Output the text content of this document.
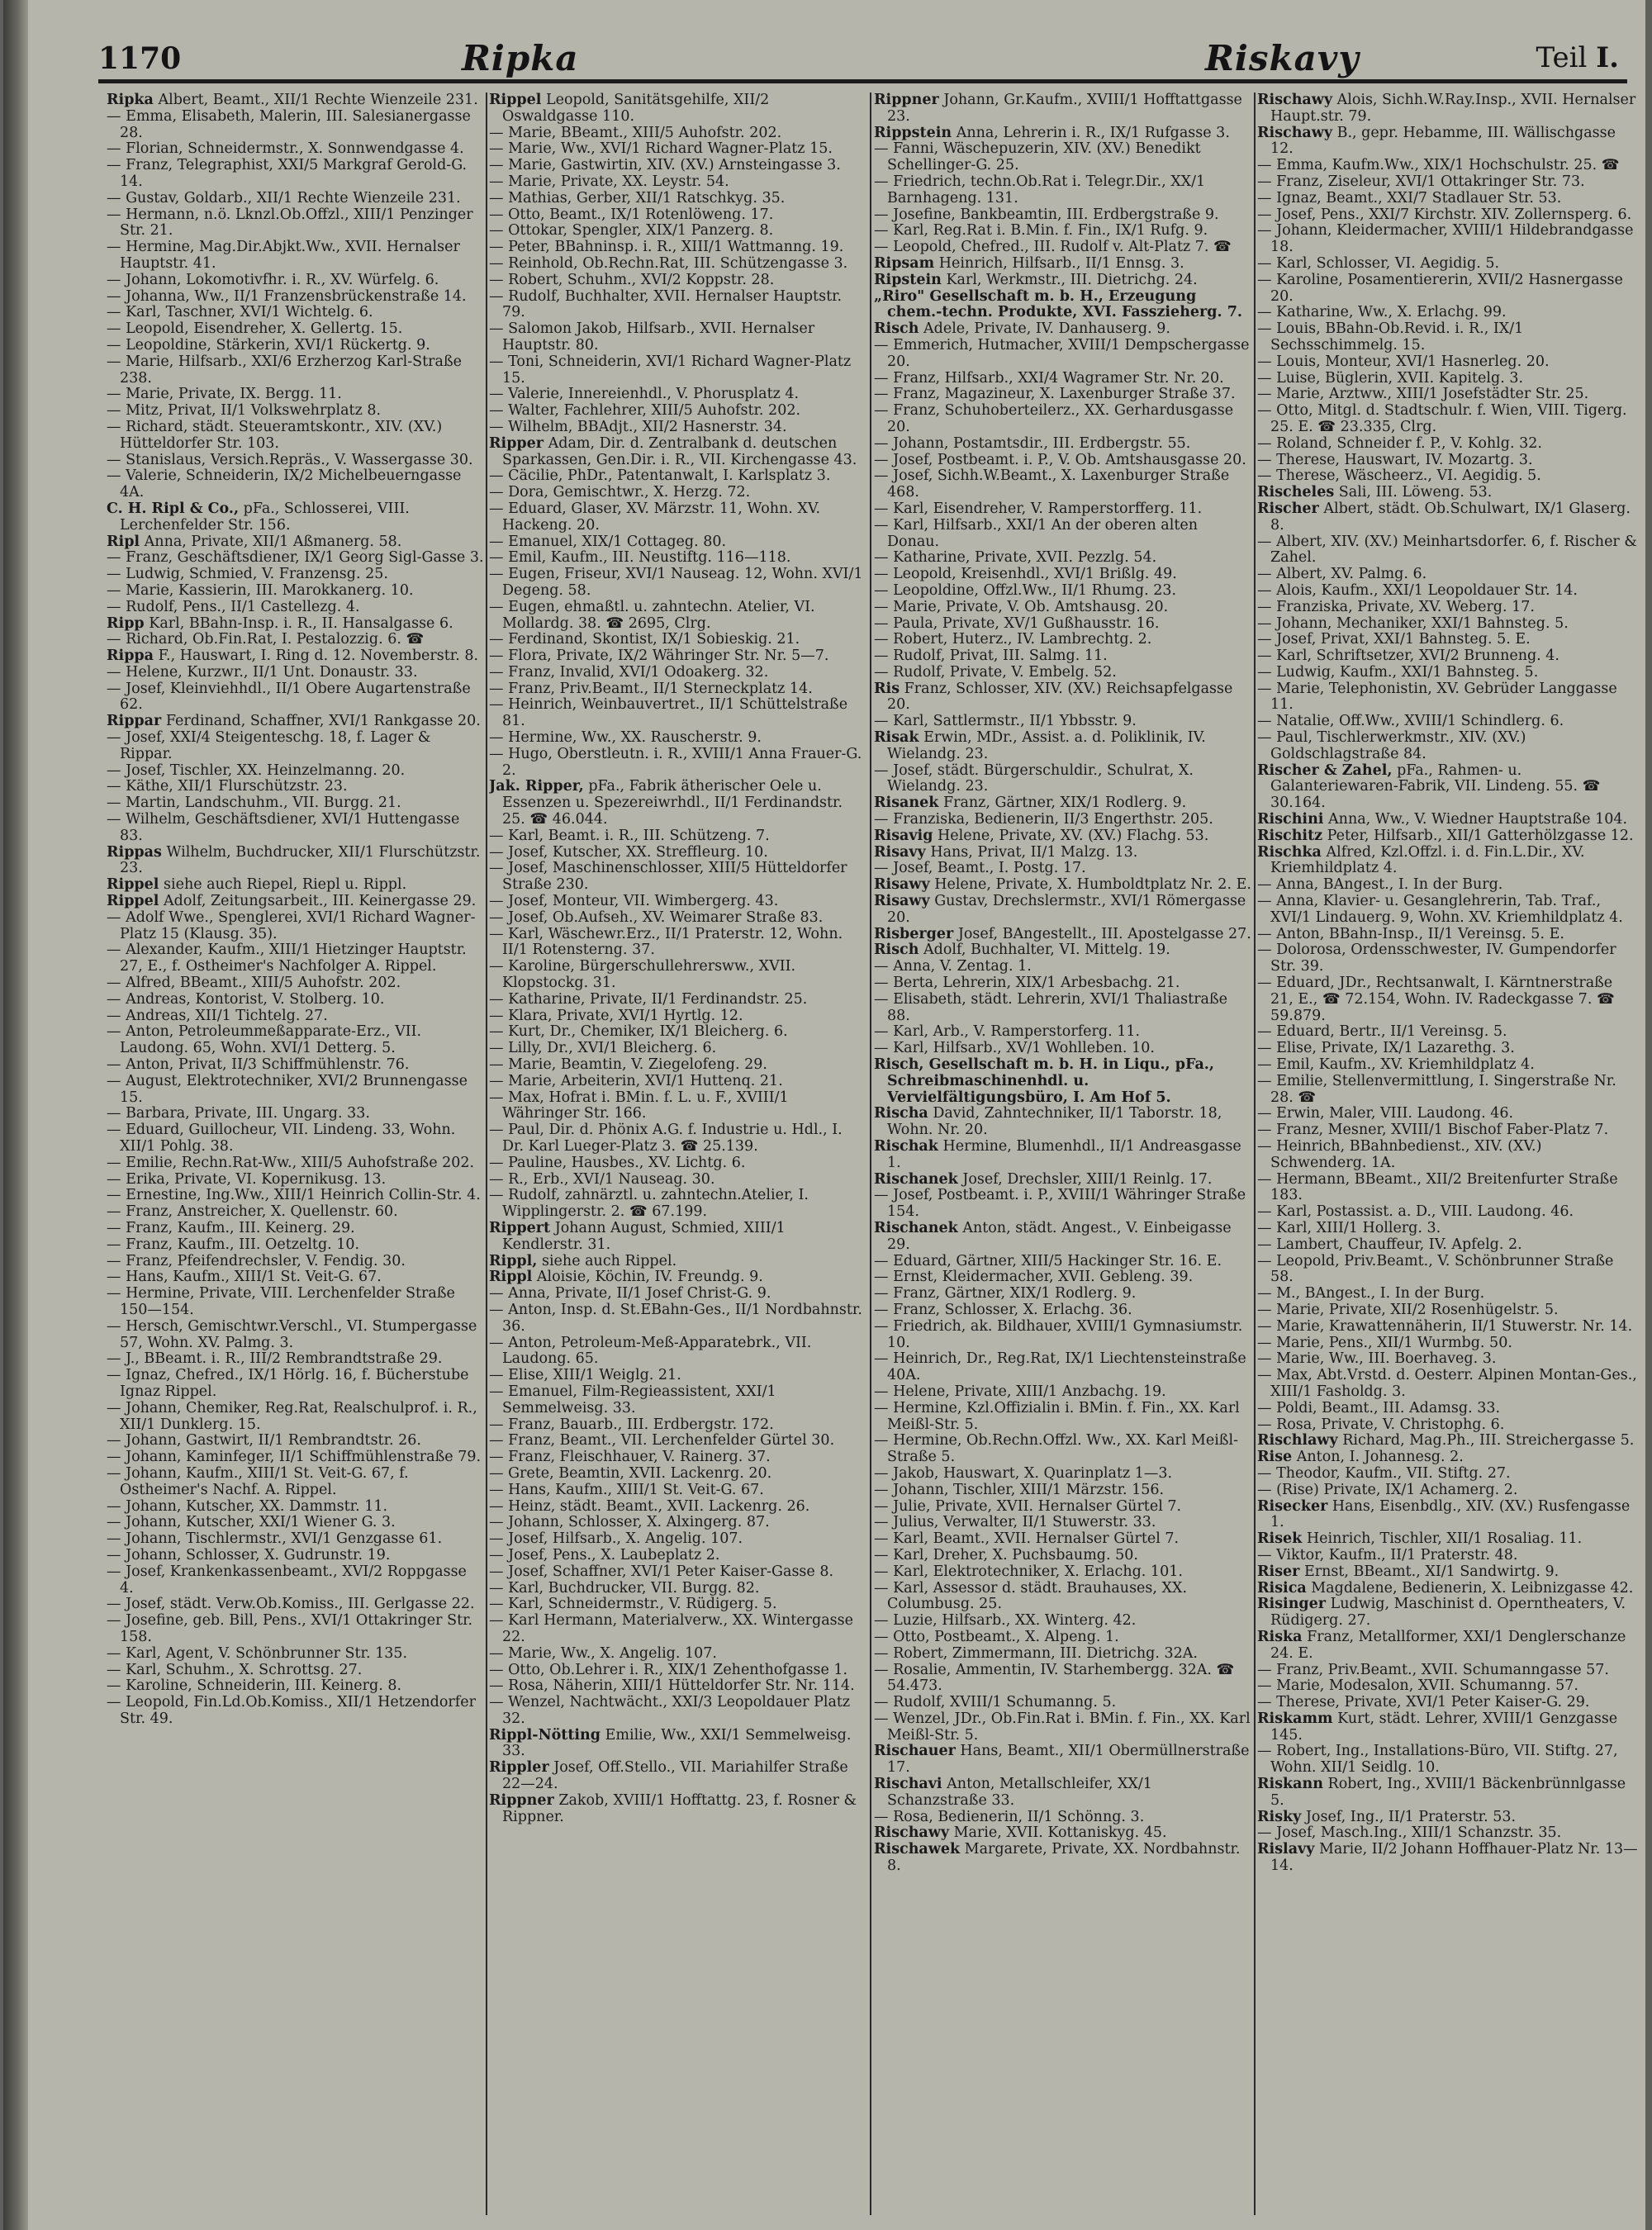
1170	Ripka	Riskavy	Teil I.

Ripka Albert, Beamt., XII/1 Rechte Wienzeile 231.

— Emma, Elisabeth, Malerin, III. Salesianergasse 28.

— Florian, Schneidermstr., X. Sonnwendgasse 4.

— Franz, Telegraphist, XXI/5 Markgraf Gerold-G. 14.

— Gustav, Goldarb., XII/1 Rechte Wienzeile 231.

— Hermann, n.ö. Lknzl.Ob.Offzl., XIII/1 Penzinger Str. 21.

— Hermine, Mag.Dir.Abjkt.Ww., XVII. Hernalser Hauptstr. 41.

— Johann, Lokomotivfhr. i. R., XV. Würfelg. 6.

— Johanna, Ww., II/1 Franzensbrückenstraße 14.

— Karl, Taschner, XVI/1 Wichtelg. 6.

— Leopold, Eisendreher, X. Gellertg. 15.

— Leopoldine, Stärkerin, XVI/1 Rückertg. 9.

— Marie, Hilfsarb., XXI/6 Erzherzog Karl-Straße 238.

— Marie, Private, IX. Bergg. 11.

— Mitz, Privat, II/1 Volkswehrplatz 8.

— Richard, städt. Steueramtskontr., XIV. (XV.) Hütteldorfer Str. 103.

— Stanislaus, Versich.Repräs., V. Wassergasse 30.

— Valerie, Schneiderin, IX/2 Michelbeuerngasse 4A.

C. H. Ripl & Co., pFa., Schlosserei, VIII. Lerchenfelder Str. 156.

Ripl Anna, Private, XII/1 Aßmanerg. 58.

— Franz, Geschäftsdiener, IX/1 Georg Sigl-Gasse 3.

— Ludwig, Schmied, V. Franzensg. 25.

— Marie, Kassierin, III. Marokkanerg. 10.

— Rudolf, Pens., II/1 Castellezg. 4.

Ripp Karl, BBahn-Insp. i. R., II. Hansalgasse 6.

— Richard, Ob.Fin.Rat, I. Pestalozzig. 6. ☎

Rippa F., Hauswart, I. Ring d. 12. Novemberstr. 8.

— Helene, Kurzwr., II/1 Unt. Donaustr. 33.

— Josef, Kleinviehhdl., II/1 Obere Augartenstraße 62.

Rippar Ferdinand, Schaffner, XVI/1 Rankgasse 20.

— Josef, XXI/4 Steigenteschg. 18, f. Lager & Rippar.

— Josef, Tischler, XX. Heinzelmanng. 20.

— Käthe, XII/1 Flurschützstr. 23.

— Martin, Landschuhm., VII. Burgg. 21.

— Wilhelm, Geschäftsdiener, XVI/1 Huttengasse 83.

Rippas Wilhelm, Buchdrucker, XII/1 Flurschützstr. 23.

Rippel siehe auch Riepel, Riepl u. Rippl.

Rippel Adolf, Zeitungsarbeit., III. Keinergasse 29.

— Adolf Wwe., Spenglerei, XVI/1 Richard Wagner-Platz 15 (Klausg. 35).

— Alexander, Kaufm., XIII/1 Hietzinger Hauptstr. 27, E., f. Ostheimer's Nachfolger A. Rippel.

— Alfred, BBeamt., XIII/5 Auhofstr. 202.

— Andreas, Kontorist, V. Stolberg. 10.

— Andreas, XII/1 Tichtelg. 27.

— Anton, Petroleummeßapparate-Erz., VII. Laudong. 65, Wohn. XVI/1 Detterg. 5.

— Anton, Privat, II/3 Schiffmühlenstr. 76.

— August, Elektrotechniker, XVI/2 Brunnengasse 15.

— Barbara, Private, III. Ungarg. 33.

— Eduard, Guillocheur, VII. Lindeng. 33, Wohn. XII/1 Pohlg. 38.

— Emilie, Rechn.Rat-Ww., XIII/5 Auhofstraße 202.

— Erika, Private, VI. Kopernikusg. 13.

— Ernestine, Ing.Ww., XIII/1 Heinrich Collin-Str. 4.

— Franz, Anstreicher, X. Quellenstr. 60.

— Franz, Kaufm., III. Keinerg. 29.

— Franz, Kaufm., III. Oetzeltg. 10.

— Franz, Pfeifendrechsler, V. Fendig. 30.

— Hans, Kaufm., XIII/1 St. Veit-G. 67.

— Hermine, Private, VIII. Lerchenfelder Straße 150—154.

— Hersch, Gemischtwr.Verschl., VI. Stumpergasse 57, Wohn. XV. Palmg. 3.

— J., BBeamt. i. R., III/2 Rembrandtstraße 29.

— Ignaz, Chefred., IX/1 Hörlg. 16, f. Bücherstube Ignaz Rippel.

— Johann, Chemiker, Reg.Rat, Realschulprof. i. R., XII/1 Dunklerg. 15.

— Johann, Gastwirt, II/1 Rembrandtstr. 26.

— Johann, Kaminfeger, II/1 Schiffmühlenstraße 79.

— Johann, Kaufm., XIII/1 St. Veit-G. 67, f. Ostheimer's Nachf. A. Rippel.

— Johann, Kutscher, XX. Dammstr. 11.

— Johann, Kutscher, XXI/1 Wiener G. 3.

— Johann, Tischlermstr., XVI/1 Genzgasse 61.

— Johann, Schlosser, X. Gudrunstr. 19.

— Josef, Krankenkassenbeamt., XVI/2 Roppgasse 4.

— Josef, städt. Verw.Ob.Komiss., III. Gerlgasse 22.

— Josefine, geb. Bill, Pens., XVI/1 Ottakringer Str. 158.

— Karl, Agent, V. Schönbrunner Str. 135.

— Karl, Schuhm., X. Schrottsg. 27.

— Karoline, Schneiderin, III. Keinerg. 8.

— Leopold, Fin.Ld.Ob.Komiss., XII/1 Hetzendorfer Str. 49.

Rippel Leopold, Sanitätsgehilfe, XII/2 Oswaldgasse 110.

— Marie, BBeamt., XIII/5 Auhofstr. 202.

— Marie, Ww., XVI/1 Richard Wagner-Platz 15.

— Marie, Gastwirtin, XIV. (XV.) Arnsteingasse 3.

— Marie, Private, XX. Leystr. 54.

— Mathias, Gerber, XII/1 Ratschkyg. 35.

— Otto, Beamt., IX/1 Rotenlöweng. 17.

— Ottokar, Spengler, XIX/1 Panzerg. 8.

— Peter, BBahninsp. i. R., XIII/1 Wattmanng. 19.

— Reinhold, Ob.Rechn.Rat, III. Schützengasse 3.

— Robert, Schuhm., XVI/2 Koppstr. 28.

— Rudolf, Buchhalter, XVII. Hernalser Hauptstr. 79.

— Salomon Jakob, Hilfsarb., XVII. Hernalser Hauptstr. 80.

— Toni, Schneiderin, XVI/1 Richard Wagner-Platz 15.

— Valerie, Innereienhdl., V. Phorusplatz 4.

— Walter, Fachlehrer, XIII/5 Auhofstr. 202.

— Wilhelm, BBAdjt., XII/2 Hasnerstr. 34.

Ripper Adam, Dir. d. Zentralbank d. deutschen Sparkassen, Gen.Dir. i. R., VII. Kirchengasse 43.

— Cäcilie, PhDr., Patentanwalt, I. Karlsplatz 3.

— Dora, Gemischtwr., X. Herzg. 72.

— Eduard, Glaser, XV. Märzstr. 11, Wohn. XV. Hackeng. 20.

— Emanuel, XIX/1 Cottageg. 80.

— Emil, Kaufm., III. Neustiftg. 116—118.

— Eugen, Friseur, XVI/1 Nauseag. 12, Wohn. XVI/1 Degeng. 58.

— Eugen, ehmaßtl. u. zahntechn. Atelier, VI. Mollardg. 38. ☎ 2695, Clrg.

— Ferdinand, Skontist, IX/1 Sobieskig. 21.

— Flora, Private, IX/2 Währinger Str. Nr. 5—7.

— Franz, Invalid, XVI/1 Odoakerg. 32.

— Franz, Priv.Beamt., II/1 Sterneckplatz 14.

— Heinrich, Weinbauvertret., II/1 Schüttelstraße 81.

— Hermine, Ww., XX. Rauscherstr. 9.

— Hugo, Oberstleutn. i. R., XVIII/1 Anna Frauer-G. 2.

Jak. Ripper, pFa., Fabrik ätherischer Oele u. Essenzen u. Spezereiwrhdl., II/1 Ferdinandstr. 25. ☎ 46.044.

— Karl, Beamt. i. R., III. Schützeng. 7.

— Josef, Kutscher, XX. Streffleurg. 10.

— Josef, Maschinenschlosser, XIII/5 Hütteldorfer Straße 230.

— Josef, Monteur, VII. Wimbergerg. 43.

— Josef, Ob.Aufseh., XV. Weimarer Straße 83.

— Karl, Wäschewr.Erz., II/1 Praterstr. 12, Wohn. II/1 Rotensterng. 37.

— Karoline, Bürgerschullehrersww., XVII. Klopstockg. 31.

— Katharine, Private, II/1 Ferdinandstr. 25.

— Klara, Private, XVI/1 Hyrtlg. 12.

— Kurt, Dr., Chemiker, IX/1 Bleicherg. 6.

— Lilly, Dr., XVI/1 Bleicherg. 6.

— Marie, Beamtin, V. Ziegelofeng. 29.

— Marie, Arbeiterin, XVI/1 Huttenq. 21.

— Max, Hofrat i. BMin. f. L. u. F., XVIII/1 Währinger Str. 166.

— Paul, Dir. d. Phönix A.G. f. Industrie u. Hdl., I. Dr. Karl Lueger-Platz 3. ☎ 25.139.

— Pauline, Hausbes., XV. Lichtg. 6.

— R., Erb., XVI/1 Nauseag. 30.

— Rudolf, zahnärztl. u. zahntechn.Atelier, I. Wipplingerstr. 2. ☎ 67.199.

Rippert Johann August, Schmied, XIII/1 Kendlerstr. 31.

Rippl, siehe auch Rippel.

Rippl Aloisie, Köchin, IV. Freundg. 9.

— Anna, Private, II/1 Josef Christ-G. 9.

— Anton, Insp. d. St.EBahn-Ges., II/1 Nordbahnstr. 36.

— Anton, Petroleum-Meß-Apparatebrk., VII. Laudong. 65.

— Elise, XIII/1 Weiglg. 21.

— Emanuel, Film-Regieassistent, XXI/1 Semmelweisg. 33.

— Franz, Bauarb., III. Erdbergstr. 172.

— Franz, Beamt., VII. Lerchenfelder Gürtel 30.

— Franz, Fleischhauer, V. Rainerg. 37.

— Grete, Beamtin, XVII. Lackenrg. 20.

— Hans, Kaufm., XIII/1 St. Veit-G. 67.

— Heinz, städt. Beamt., XVII. Lackenrg. 26.

— Johann, Schlosser, X. Alxingerg. 87.

— Josef, Hilfsarb., X. Angelig. 107.

— Josef, Pens., X. Laubeplatz 2.

— Josef, Schaffner, XVI/1 Peter Kaiser-Gasse 8.

— Karl, Buchdrucker, VII. Burgg. 82.

— Karl, Schneidermstr., V. Rüdigerg. 5.

— Karl Hermann, Materialverw., XX. Wintergasse 22.

— Marie, Ww., X. Angelig. 107.

— Otto, Ob.Lehrer i. R., XIX/1 Zehenthofgasse 1.

— Rosa, Näherin, XIII/1 Hütteldorfer Str. Nr. 114.

— Wenzel, Nachtwächt., XXI/3 Leopoldauer Platz 32.

Rippl-Nötting Emilie, Ww., XXI/1 Semmelweisg. 33.

Rippler Josef, Off.Stello., VII. Mariahilfer Straße 22—24.

Rippner Zakob, XVIII/1 Hofftattg. 23, f. Rosner & Rippner.

Rippner Johann, Gr.Kaufm., XVIII/1 Hofftattgasse 23.

Rippstein Anna, Lehrerin i. R., IX/1 Rufgasse 3.

— Fanni, Wäschepuzerin, XIV. (XV.) Benedikt Schellinger-G. 25.

— Friedrich, techn.Ob.Rat i. Telegr.Dir., XX/1 Barnhageng. 131.

— Josefine, Bankbeamtin, III. Erdbergstraße 9.

— Karl, Reg.Rat i. B.Min. f. Fin., IX/1 Rufg. 9.

— Leopold, Chefred., III. Rudolf v. Alt-Platz 7. ☎

Ripsam Heinrich, Hilfsarb., II/1 Ennsg. 3.

Ripstein Karl, Werkmstr., III. Dietrichg. 24.

„Riro" Gesellschaft m. b. H., Erzeugung chem.-techn. Produkte, XVI. Fasszieherg. 7.

Risch Adele, Private, IV. Danhauserg. 9.

— Emmerich, Hutmacher, XVIII/1 Dempschergasse 20.

— Franz, Hilfsarb., XXI/4 Wagramer Str. Nr. 20.

— Franz, Magazineur, X. Laxenburger Straße 37.

— Franz, Schuhoberteilerz., XX. Gerhardusgasse 20.

— Johann, Postamtsdir., III. Erdbergstr. 55.

— Josef, Postbeamt. i. P., V. Ob. Amtshausgasse 20.

— Josef, Sichh.W.Beamt., X. Laxenburger Straße 468.

— Karl, Eisendreher, V. Ramperstorfferg. 11.

— Karl, Hilfsarb., XXI/1 An der oberen alten Donau.

— Katharine, Private, XVII. Pezzlg. 54.

— Leopold, Kreisenhdl., XVI/1 Brißlg. 49.

— Leopoldine, Offzl.Ww., II/1 Rhumg. 23.

— Marie, Private, V. Ob. Amtshausg. 20.

— Paula, Private, XV/1 Gußhausstr. 16.

— Robert, Huterz., IV. Lambrechtg. 2.

— Rudolf, Privat, III. Salmg. 11.

— Rudolf, Private, V. Embelg. 52.

Ris Franz, Schlosser, XIV. (XV.) Reichsapfelgasse 20.

— Karl, Sattlermstr., II/1 Ybbsstr. 9.

Risak Erwin, MDr., Assist. a. d. Poliklinik, IV. Wielandg. 23.

— Josef, städt. Bürgerschuldir., Schulrat, X. Wielandg. 23.

Risanek Franz, Gärtner, XIX/1 Rodlerg. 9.

— Franziska, Bedienerin, II/3 Engerthstr. 205.

Risavig Helene, Private, XV. (XV.) Flachg. 53.

Risavy Hans, Privat, II/1 Malzg. 13.

— Josef, Beamt., I. Postg. 17.

Risawy Helene, Private, X. Humboldtplatz Nr. 2. E.

Risawy Gustav, Drechslermstr., XVI/1 Römergasse 20.

Risberger Josef, BAngestellt., III. Apostelgasse 27.

Risch Adolf, Buchhalter, VI. Mittelg. 19.

— Anna, V. Zentag. 1.

— Berta, Lehrerin, XIX/1 Arbesbachg. 21.

— Elisabeth, städt. Lehrerin, XVI/1 Thaliastraße 88.

— Karl, Arb., V. Ramperstorferg. 11.

— Karl, Hilfsarb., XV/1 Wohlleben. 10.

Risch, Gesellschaft m. b. H. in Liqu., pFa., Schreibmaschinenhdl. u. Vervielfältigungsbüro, I. Am Hof 5.

Rischa David, Zahntechniker, II/1 Taborstr. 18, Wohn. Nr. 20.

Rischak Hermine, Blumenhdl., II/1 Andreasgasse 1.

Rischanek Josef, Drechsler, XIII/1 Reinlg. 17.

— Josef, Postbeamt. i. P., XVIII/1 Währinger Straße 154.

Rischanek Anton, städt. Angest., V. Einbeigasse 29.

— Eduard, Gärtner, XIII/5 Hackinger Str. 16. E.

— Ernst, Kleidermacher, XVII. Gebleng. 39.

— Franz, Gärtner, XIX/1 Rodlerg. 9.

— Franz, Schlosser, X. Erlachg. 36.

— Friedrich, ak. Bildhauer, XVIII/1 Gymnasiumstr. 10.

— Heinrich, Dr., Reg.Rat, IX/1 Liechtensteinstraße 40A.

— Helene, Private, XIII/1 Anzbachg. 19.

— Hermine, Kzl.Offizialin i. BMin. f. Fin., XX. Karl Meißl-Str. 5.

— Hermine, Ob.Rechn.Offzl. Ww., XX. Karl Meißl-Straße 5.

— Jakob, Hauswart, X. Quarinplatz 1—3.

— Johann, Tischler, XIII/1 Märzstr. 156.

— Julie, Private, XVII. Hernalser Gürtel 7.

— Julius, Verwalter, II/1 Stuwerstr. 33.

— Karl, Beamt., XVII. Hernalser Gürtel 7.

— Karl, Dreher, X. Puchsbaumg. 50.

— Karl, Elektrotechniker, X. Erlachg. 101.

— Karl, Assessor d. städt. Brauhauses, XX. Columbusg. 25.

— Luzie, Hilfsarb., XX. Winterg. 42.

— Otto, Postbeamt., X. Alpeng. 1.

— Robert, Zimmermann, III. Dietrichg. 32A.

— Rosalie, Ammentin, IV. Starhembergg. 32A. ☎ 54.473.

— Rudolf, XVIII/1 Schumanng. 5.

— Wenzel, JDr., Ob.Fin.Rat i. BMin. f. Fin., XX. Karl Meißl-Str. 5.

Rischauer Hans, Beamt., XII/1 Obermüllnerstraße 17.

Rischavi Anton, Metallschleifer, XX/1 Schanzstraße 33.

— Rosa, Bedienerin, II/1 Schönng. 3.

Rischawy Marie, XVII. Kottaniskyg. 45.

Rischawek Margarete, Private, XX. Nordbahnstr. 8.

Rischawy Alois, Sichh.W.Ray.Insp., XVII. Hernalser Haupt.str. 79.

Rischawy B., gepr. Hebamme, III. Wällischgasse 12.

— Emma, Kaufm.Ww., XIX/1 Hochschulstr. 25. ☎

— Franz, Ziseleur, XVI/1 Ottakringer Str. 73.

— Ignaz, Beamt., XXI/7 Stadlauer Str. 53.

— Josef, Pens., XXI/7 Kirchstr. XIV. Zollernsperg. 6.

— Johann, Kleidermacher, XVIII/1 Hildebrandgasse 18.

— Karl, Schlosser, VI. Aegidig. 5.

— Karoline, Posamentiererin, XVII/2 Hasnergasse 20.

— Katharine, Ww., X. Erlachg. 99.

— Louis, BBahn-Ob.Revid. i. R., IX/1 Sechsschimmelg. 15.

— Louis, Monteur, XVI/1 Hasnerleg. 20.

— Luise, Büglerin, XVII. Kapitelg. 3.

— Marie, Arztww., XIII/1 Josefstädter Str. 25.

— Otto, Mitgl. d. Stadtschulr. f. Wien, VIII. Tigerg. 25. E. ☎ 23.335, Clrg.

— Roland, Schneider f. P., V. Kohlg. 32.

— Therese, Hauswart, IV. Mozartg. 3.

— Therese, Wäscheerz., VI. Aegidig. 5.

Rischeles Sali, III. Löweng. 53.

Rischer Albert, städt. Ob.Schulwart, IX/1 Glaserg. 8.

— Albert, XIV. (XV.) Meinhartsdorfer. 6, f. Rischer & Zahel.

— Albert, XV. Palmg. 6.

— Alois, Kaufm., XXI/1 Leopoldauer Str. 14.

— Franziska, Private, XV. Weberg. 17.

— Johann, Mechaniker, XXI/1 Bahnsteg. 5.

— Josef, Privat, XXI/1 Bahnsteg. 5. E.

— Karl, Schriftsetzer, XVI/2 Brunneng. 4.

— Ludwig, Kaufm., XXI/1 Bahnsteg. 5.

— Marie, Telephonistin, XV. Gebrüder Langgasse 11.

— Natalie, Off.Ww., XVIII/1 Schindlerg. 6.

— Paul, Tischlerwerkmstr., XIV. (XV.) Goldschlagstraße 84.

Rischer & Zahel, pFa., Rahmen- u. Galanteriewaren-Fabrik, VII. Lindeng. 55. ☎ 30.164.

Rischini Anna, Ww., V. Wiedner Hauptstraße 104.

Rischitz Peter, Hilfsarb., XII/1 Gatterhölzgasse 12.

Rischka Alfred, Kzl.Offzl. i. d. Fin.L.Dir., XV. Kriemhildplatz 4.

— Anna, BAngest., I. In der Burg.

— Anna, Klavier- u. Gesanglehrerin, Tab. Traf., XVI/1 Lindauerg. 9, Wohn. XV. Kriemhildplatz 4.

— Anton, BBahn-Insp., II/1 Vereinsg. 5. E.

— Dolorosa, Ordensschwester, IV. Gumpendorfer Str. 39.

— Eduard, JDr., Rechtsanwalt, I. Kärntnerstraße 21, E., ☎ 72.154, Wohn. IV. Radeckgasse 7. ☎ 59.879.

— Eduard, Bertr., II/1 Vereinsg. 5.

— Elise, Private, IX/1 Lazarethg. 3.

— Emil, Kaufm., XV. Kriemhildplatz 4.

— Emilie, Stellenvermittlung, I. Singerstraße Nr. 28. ☎

— Erwin, Maler, VIII. Laudong. 46.

— Franz, Mesner, XVIII/1 Bischof Faber-Platz 7.

— Heinrich, BBahnbedienst., XIV. (XV.) Schwenderg. 1A.

— Hermann, BBeamt., XII/2 Breitenfurter Straße 183.

— Karl, Postassist. a. D., VIII. Laudong. 46.

— Karl, XIII/1 Hollerg. 3.

— Lambert, Chauffeur, IV. Apfelg. 2.

— Leopold, Priv.Beamt., V. Schönbrunner Straße 58.

— M., BAngest., I. In der Burg.

— Marie, Private, XII/2 Rosenhügelstr. 5.

— Marie, Krawattennäherin, II/1 Stuwerstr. Nr. 14.

— Marie, Pens., XII/1 Wurmbg. 50.

— Marie, Ww., III. Boerhaveg. 3.

— Max, Abt.Vrstd. d. Oesterr. Alpinen Montan-Ges., XIII/1 Fasholdg. 3.

— Poldi, Beamt., III. Adamsg. 33.

— Rosa, Private, V. Christophg. 6.

Rischlawy Richard, Mag.Ph., III. Streichergasse 5.

Rise Anton, I. Johannesg. 2.

— Theodor, Kaufm., VII. Stiftg. 27.

— (Rise) Private, IX/1 Achamerg. 2.

Risecker Hans, Eisenbdlg., XIV. (XV.) Rusfengasse 1.

Risek Heinrich, Tischler, XII/1 Rosaliag. 11.

— Viktor, Kaufm., II/1 Praterstr. 48.

Riser Ernst, BBeamt., XI/1 Sandwirtg. 9.

Risica Magdalene, Bedienerin, X. Leibnizgasse 42.

Risinger Ludwig, Maschinist d. Operntheaters, V. Rüdigerg. 27.

Riska Franz, Metallformer, XXI/1 Denglerschanze 24. E.

— Franz, Priv.Beamt., XVII. Schumanngasse 57.

— Marie, Modesalon, XVII. Schumanng. 57.

— Therese, Private, XVI/1 Peter Kaiser-G. 29.

Riskamm Kurt, städt. Lehrer, XVIII/1 Genzgasse 145.

— Robert, Ing., Installations-Büro, VII. Stiftg. 27, Wohn. XII/1 Seidlg. 10.

Riskann Robert, Ing., XVIII/1 Bäckenbrünnlgasse 5.

Risky Josef, Ing., II/1 Praterstr. 53.

— Josef, Masch.Ing., XIII/1 Schanzstr. 35.

Rislavy Marie, II/2 Johann Hoffhauer-Platz Nr. 13—14.
